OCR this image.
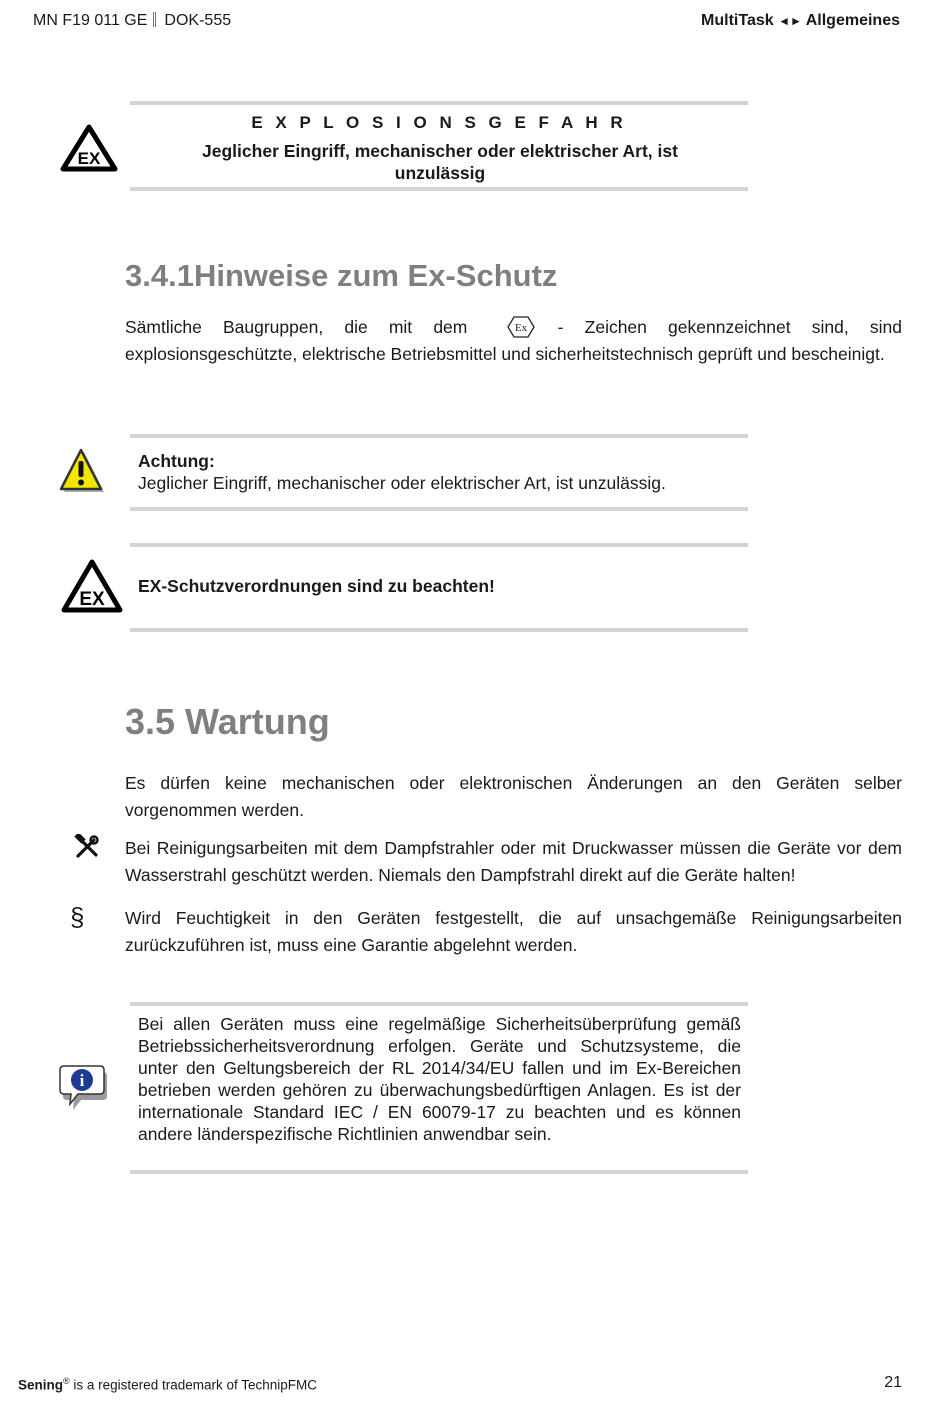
MN F19 011 GE DOK-555	MultiTask ◄► Allgemeines
EX
E X P L O S I O N S G E F A H R
Jeglicher Eingriff, mechanischer oder elektrischer Art, ist unzulässig
3.4.1Hinweise zum Ex-Schutz
Sämtliche Baugruppen, die mit dem	Ex - Zeichen gekennzeichnet sind, sind explosionsgeschützte, elektrische Betriebsmittel und sicherheitstechnisch geprüft und bescheinigt.
Achtung:
Jeglicher Eingriff, mechanischer oder elektrischer Art, ist unzulässig.
EX
EX-Schutzverordnungen sind zu beachten!
3.5 Wartung
Es dürfen keine mechanischen oder elektronischen Änderungen an den Geräten selber vorgenommen werden.
Bei Reinigungsarbeiten mit dem Dampfstrahler oder mit Druckwasser müssen die Geräte vor dem Wasserstrahl geschützt werden. Niemals den Dampfstrahl direkt auf die Geräte halten!
§ Wird Feuchtigkeit in den Geräten festgestellt, die auf unsachgemäße Reinigungsarbeiten zurückzuführen ist, muss eine Garantie abgelehnt werden.
i
Bei allen Geräten muss eine regelmäßige Sicherheitsüberprüfung gemäß Betriebssicherheitsverordnung erfolgen. Geräte und Schutzsysteme, die unter den Geltungsbereich der RL 2014/34/EU fallen und im Ex-Bereichen betrieben werden gehören zu überwachungsbedürftigen Anlagen. Es ist der internationale Standard IEC / EN 60079-17 zu beachten und es können andere länderspezifische Richtlinien anwendbar sein.
Sening® is a registered trademark of TechnipFMC	21
